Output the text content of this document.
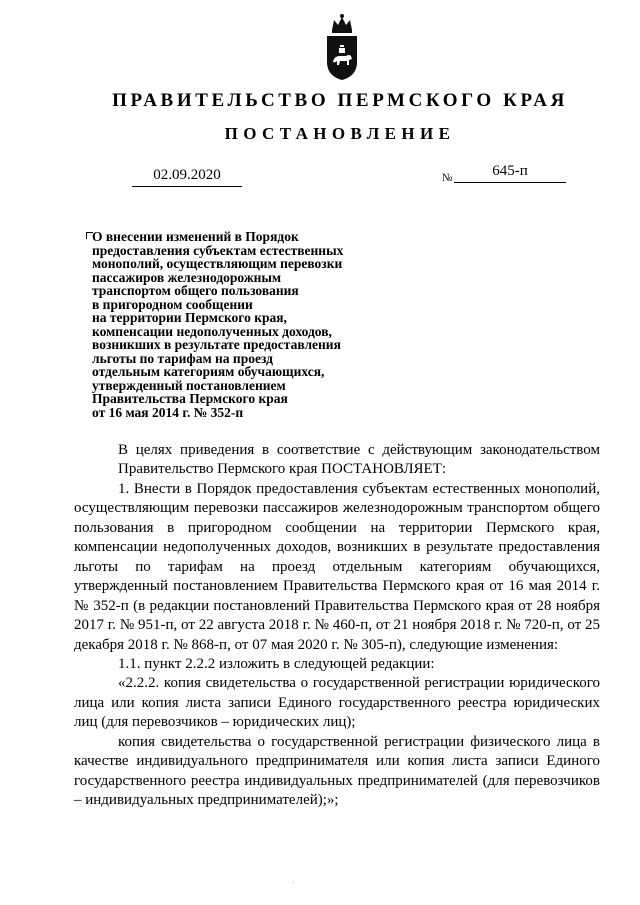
ПРАВИТЕЛЬСТВО ПЕРМСКОГО КРАЯ
ПОСТАНОВЛЕНИЕ
02.09.2020	№	645-п
О внесении изменений в Порядок
предоставления субъектам естественных
монополий, осуществляющим перевозки
пассажиров железнодорожным
транспортом общего пользования
в пригородном сообщении
на территории Пермского края,
компенсации недополученных доходов,
возникших в результате предоставления
льготы по тарифам на проезд
отдельным категориям обучающихся,
утвержденный постановлением
Правительства Пермского края
от 16 мая 2014 г. № 352-п

В целях приведения в соответствие с действующим законодательством

Правительство Пермского края ПОСТАНОВЛЯЕТ:

1. Внести в Порядок предоставления субъектам естественных монополий, осуществляющим перевозки пассажиров железнодорожным транспортом общего пользования в пригородном сообщении на территории Пермского края, компенсации недополученных доходов, возникших в результате предоставления льготы по тарифам на проезд отдельным категориям обучающихся, утвержденный постановлением Правительства Пермского края от 16 мая 2014 г. № 352-п (в редакции постановлений Правительства Пермского края от 28 ноября 2017 г. № 951-п, от 22 августа 2018 г. № 460-п, от 21 ноября 2018 г. № 720-п, от 25 декабря 2018 г. № 868-п, от 07 мая 2020 г. № 305-п), следующие изменения:

1.1. пункт 2.2.2 изложить в следующей редакции:

«2.2.2. копия свидетельства о государственной регистрации юридического лица или копия листа записи Единого государственного реестра юридических лиц (для перевозчиков – юридических лиц);

копия свидетельства о государственной регистрации физического лица в качестве индивидуального предпринимателя или копия листа записи Единого государственного реестра индивидуальных предпринимателей (для перевозчиков – индивидуальных предпринимателей);»;

·
